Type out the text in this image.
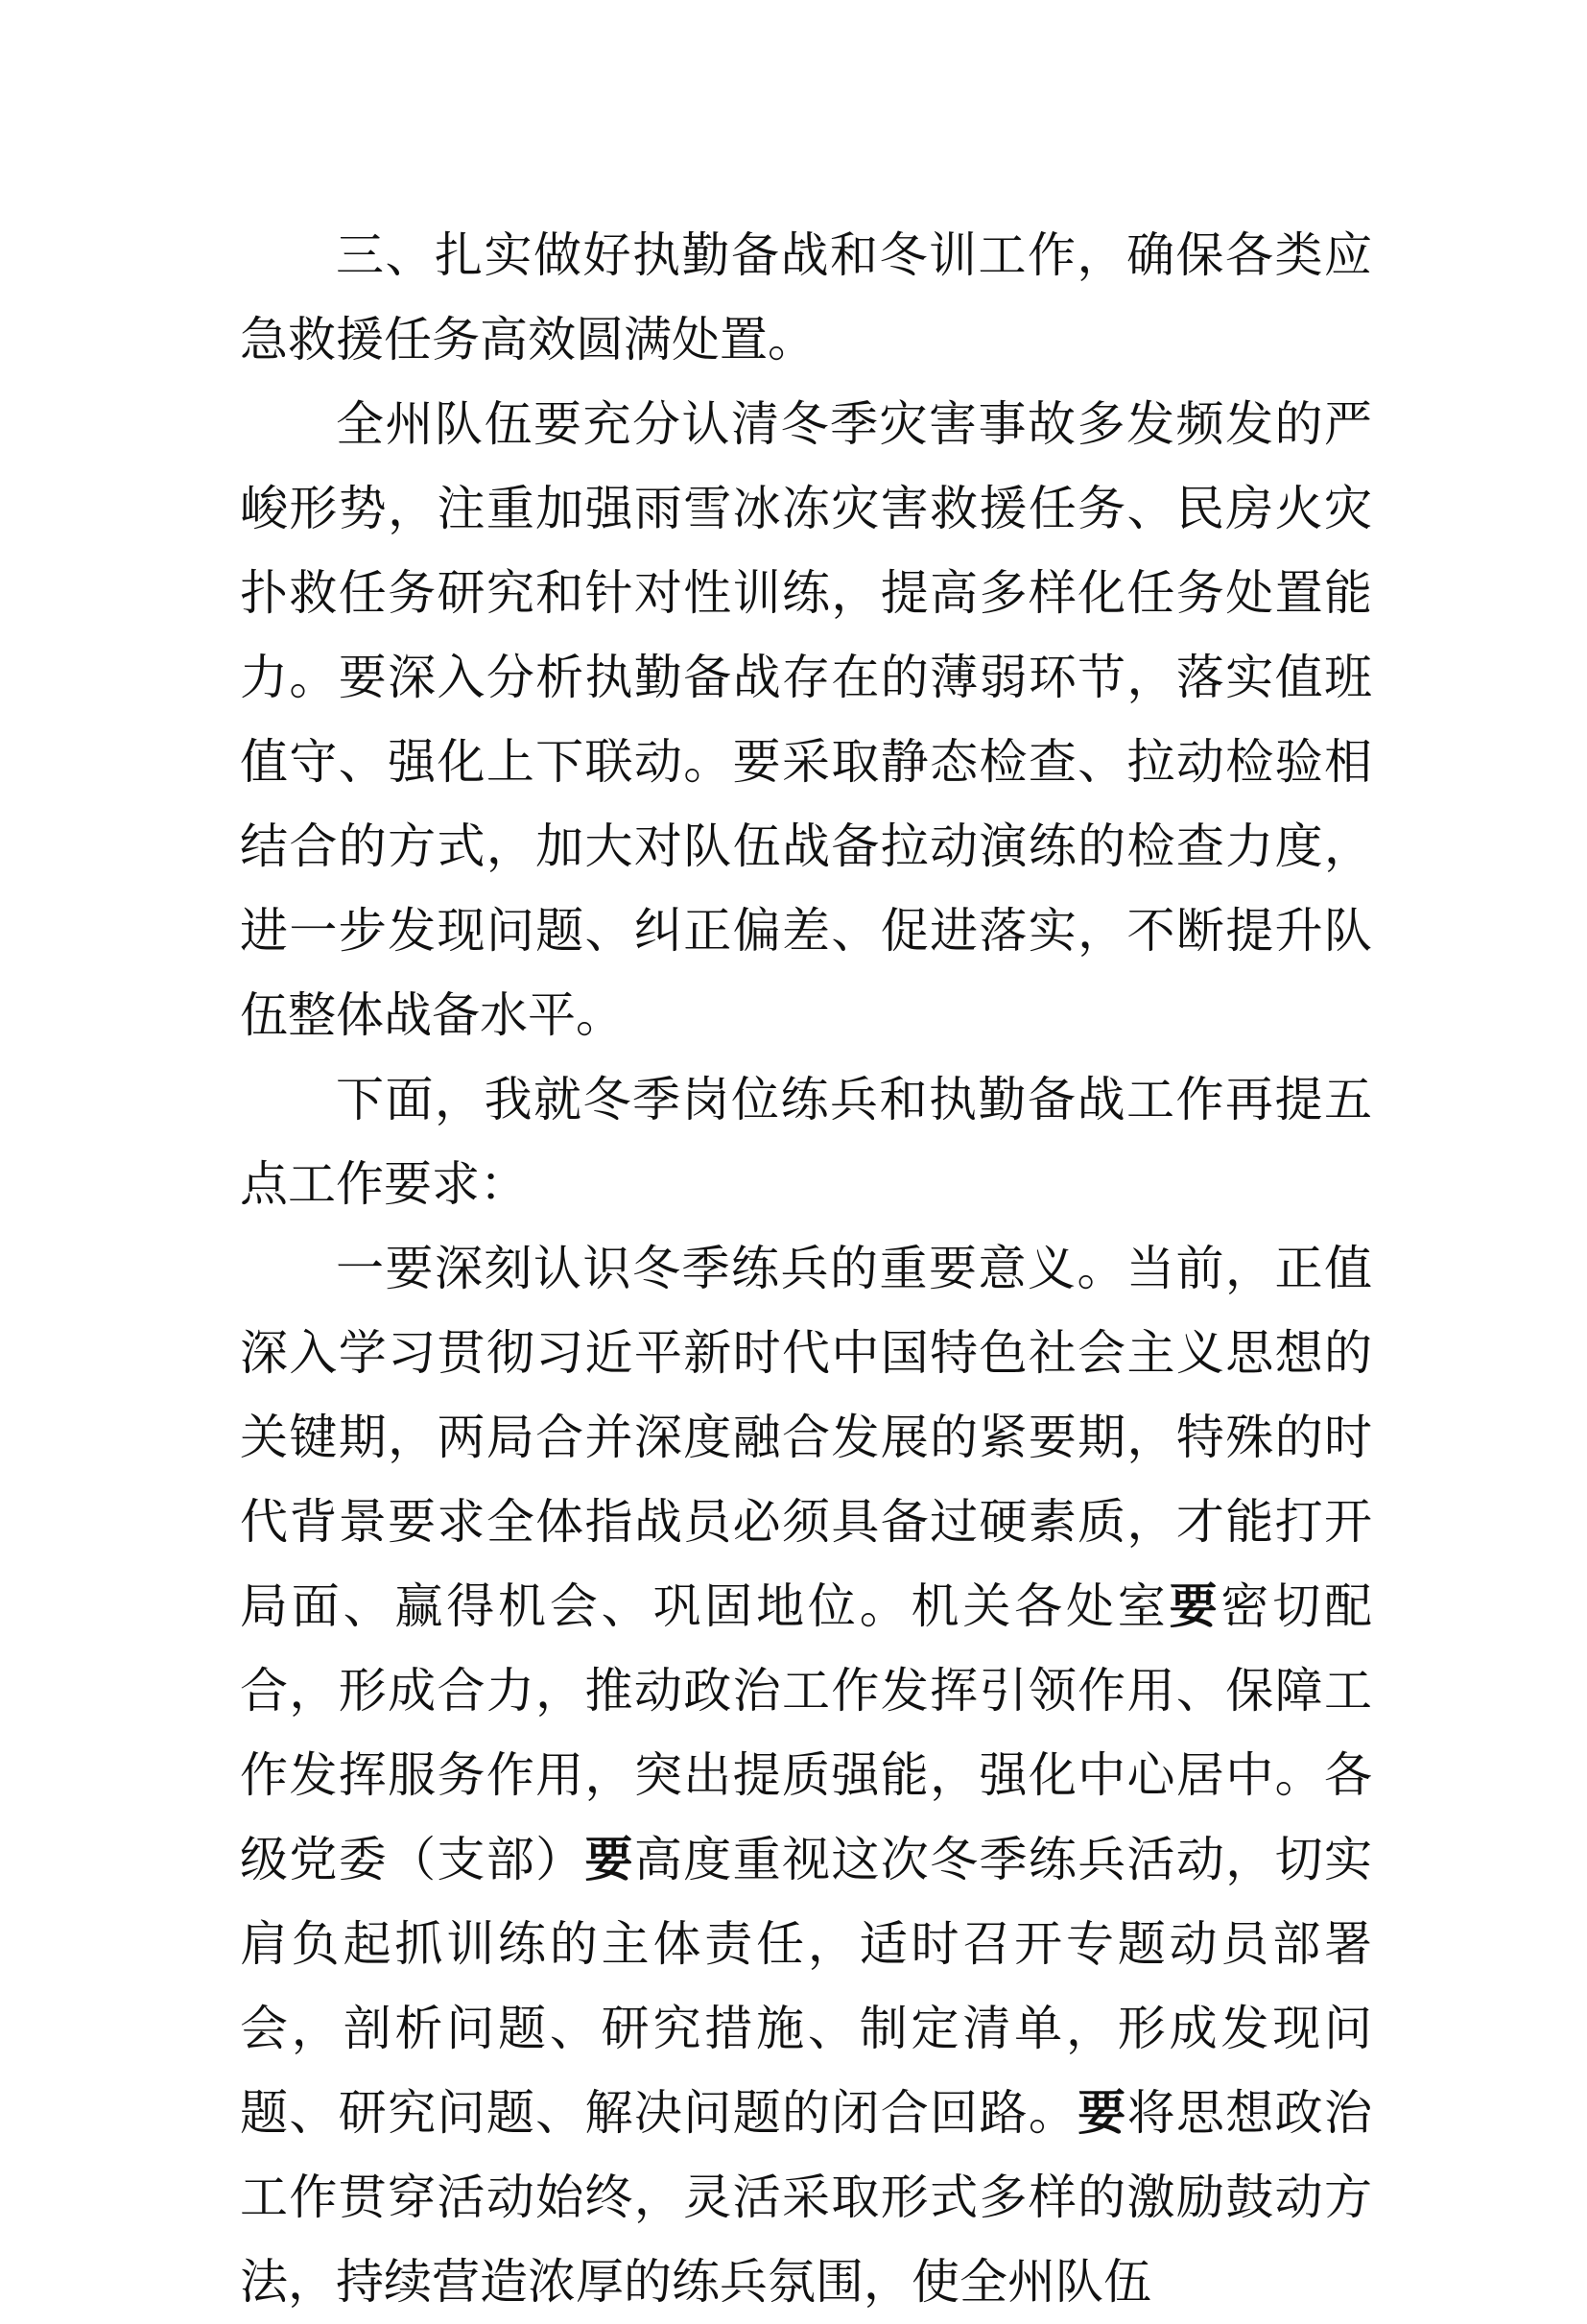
三、扎实做好执勤备战和冬训工作，确保各类应急救援任务高效圆满处置。

全州队伍要充分认清冬季灾害事故多发频发的严峻形势，注重加强雨雪冰冻灾害救援任务、民房火灾扑救任务研究和针对性训练，提高多样化任务处置能力。要深入分析执勤备战存在的薄弱环节，落实值班值守、强化上下联动。要采取静态检查、拉动检验相结合的方式，加大对队伍战备拉动演练的检查力度，进一步发现问题、纠正偏差、促进落实，不断提升队伍整体战备水平。

下面，我就冬季岗位练兵和执勤备战工作再提五点工作要求：

一要深刻认识冬季练兵的重要意义。当前，正值深入学习贯彻习近平新时代中国特色社会主义思想的关键期，两局合并深度融合发展的紧要期，特殊的时代背景要求全体指战员必须具备过硬素质，才能打开局面、赢得机会、巩固地位。机关各处室要密切配合，形成合力，推动政治工作发挥引领作用、保障工作发挥服务作用，突出提质强能，强化中心居中。各级党委（支部）要高度重视这次冬季练兵活动，切实肩负起抓训练的主体责任，适时召开专题动员部署会，剖析问题、研究措施、制定清单，形成发现问题、研究问题、解决问题的闭合回路。要将思想政治工作贯穿活动始终，灵活采取形式多样的激励鼓动方法，持续营造浓厚的练兵氛围，使全州队伍
